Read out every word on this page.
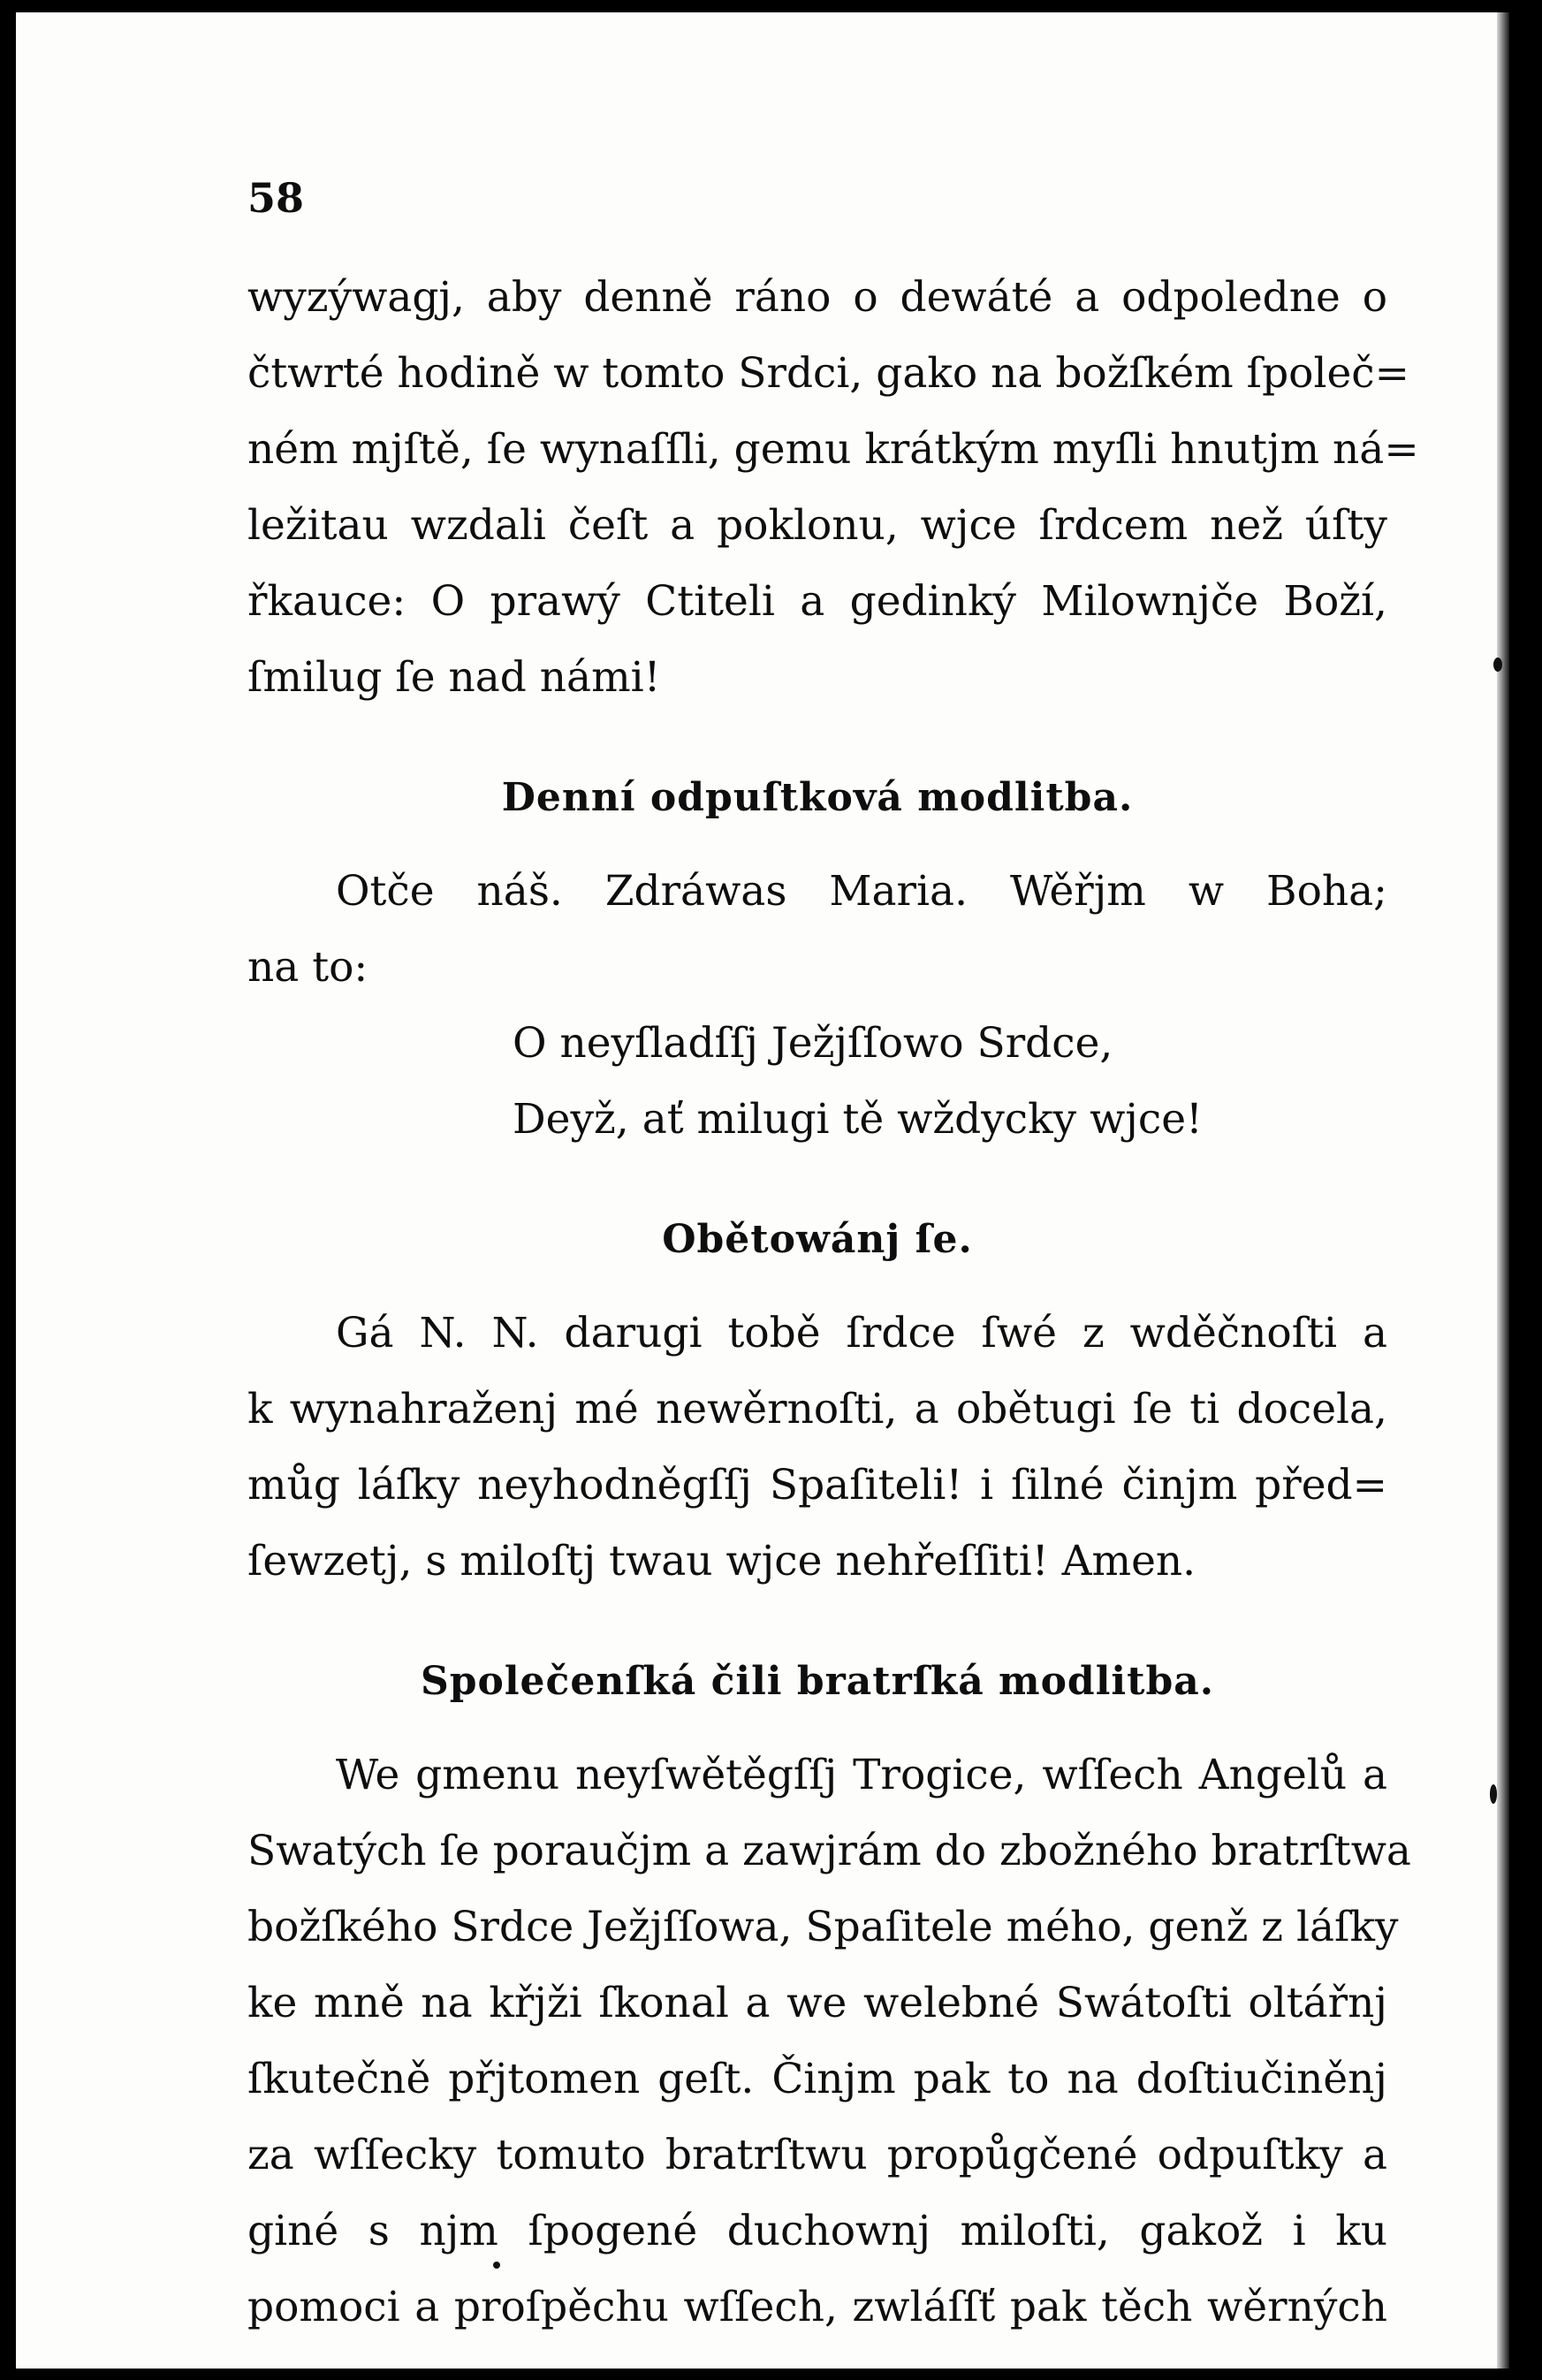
58
wyzýwagj, aby denně ráno o dewáté a odpoledne o
čtwrté hodině w tomto Srdci, gako na božſkém ſpoleč=
ném mjſtě, ſe wynaſſli, gemu krátkým myſli hnutjm ná=
ležitau wzdali čeſt a poklonu, wjce ſrdcem než úſty
řkauce: O prawý Ctiteli a gedinký Milownjče Boží,
ſmilug ſe nad námi!
Denní odpuſtková modlitba.
Otče náš. Zdráwas Maria. Wěřjm w Boha;
na to:
O neyſladſſj Ježjſſowo Srdce,
Deyž, ať milugi tě wždycky wjce!
Obětowánj ſe.
Gá N. N. darugi tobě ſrdce ſwé z wděčnoſti a
k wynahraženj mé newěrnoſti, a obětugi ſe ti docela,
můg láſky neyhodněgſſj Spaſiteli! i ſilné činjm před=
ſewzetj, s miloſtj twau wjce nehřeſſiti! Amen.
Společenſká čili bratrſká modlitba.
We gmenu neyſwětěgſſj Trogice, wſſech Angelů a
Swatých ſe poraučjm a zawjrám do zbožného bratrſtwa
božſkého Srdce Ježjſſowa, Spaſitele mého, genž z láſky
ke mně na křjži ſkonal a we welebné Swátoſti oltářnj
ſkutečně přjtomen geſt. Činjm pak to na doſtiučiněnj
za wſſecky tomuto bratrſtwu propůgčené odpuſtky a
giné s njm ſpogené duchownj miloſti, gakož i ku
pomoci a proſpěchu wſſech, zwláſſť pak těch wěrných
